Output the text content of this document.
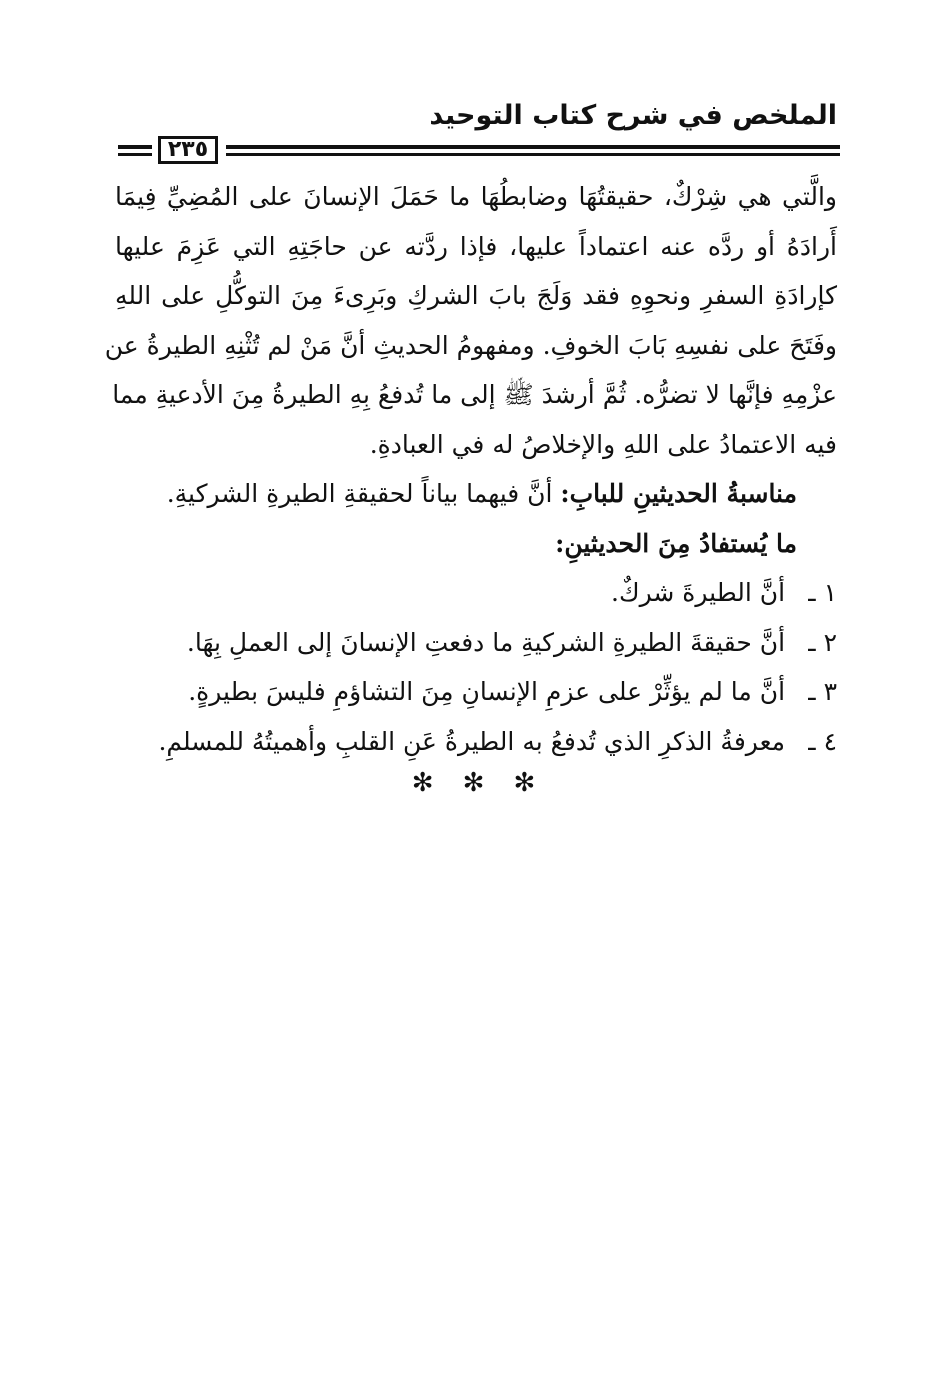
الملخص في شرح كتاب التوحيد
٢٣٥
والَّتي هي شِرْكٌ، حقيقتُهَا وضابطُهَا ما حَمَلَ الإنسانَ على المُضِيِّ فِيمَا
أَرادَهُ أو ردَّه عنه اعتماداً عليها، فإذا ردَّته عن حاجَتِهِ التي عَزِمَ عليها
كإرادَةِ السفرِ ونحوِهِ فقد وَلَجَ بابَ الشركِ وبَرِىءَ مِنَ التوكُّلِ على اللهِ
وفَتَحَ على نفسِهِ بَابَ الخوفِ. ومفهومُ الحديثِ أنَّ مَنْ لم تُثْنِهِ الطيرةُ عن
عزْمِهِ فإنَّها لا تضرُّه. ثُمَّ أرشدَ ﷺ إلى ما تُدفعُ بِهِ الطيرةُ مِنَ الأدعيةِ مما
فيه الاعتمادُ على اللهِ والإخلاصُ له في العبادةِ.
مناسبةُ الحديثينِ للبابِ: أنَّ فيهما بياناً لحقيقةِ الطيرةِ الشركيةِ.
ما يُستفادُ مِنَ الحديثينِ:
١ ـ أنَّ الطيرةَ شركٌ.
٢ ـ أنَّ حقيقةَ الطيرةِ الشركيةِ ما دفعتِ الإنسانَ إلى العملِ بِهَا.
٣ ـ أنَّ ما لم يؤثِّرْ على عزمِ الإنسانِ مِنَ التشاؤمِ فليسَ بطيرةٍ.
٤ ـ معرفةُ الذكرِ الذي تُدفعُ به الطيرةُ عَنِ القلبِ وأهميتُهُ للمسلمِ.
✻ ✻ ✻
